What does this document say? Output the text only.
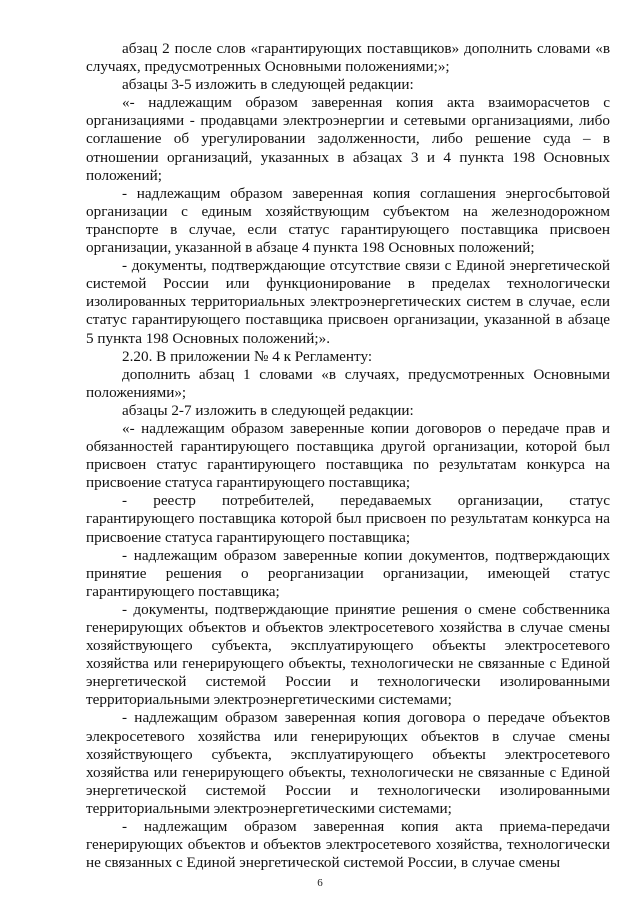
абзац 2 после слов «гарантирующих поставщиков» дополнить словами «в случаях, предусмотренных Основными положениями;»;

абзацы 3-5 изложить в следующей редакции:

«- надлежащим образом заверенная копия акта взаиморасчетов с организациями - продавцами электроэнергии и сетевыми организациями, либо соглашение об урегулировании задолженности, либо решение суда – в отношении организаций, указанных в абзацах 3 и 4 пункта 198 Основных положений;

- надлежащим образом заверенная копия соглашения энергосбытовой организации с единым хозяйствующим субъектом на железнодорожном транспорте в случае, если статус гарантирующего поставщика присвоен организации, указанной в абзаце 4 пункта 198 Основных положений;

- документы, подтверждающие отсутствие связи с Единой энергетической системой России или функционирование в пределах технологически изолированных территориальных электроэнергетических систем в случае, если статус гарантирующего поставщика присвоен организации, указанной в абзаце 5 пункта 198 Основных положений;».

2.20. В приложении № 4 к Регламенту:

дополнить абзац 1 словами «в случаях, предусмотренных Основными положениями»;

абзацы 2-7 изложить в следующей редакции:

«- надлежащим образом заверенные копии договоров о передаче прав и обязанностей гарантирующего поставщика другой организации, которой был присвоен статус гарантирующего поставщика по результатам конкурса на присвоение статуса гарантирующего поставщика;

- реестр потребителей, передаваемых организации, статус гарантирующего поставщика которой был присвоен по результатам конкурса на присвоение статуса гарантирующего поставщика;

- надлежащим образом заверенные копии документов, подтверждающих принятие решения о реорганизации организации, имеющей статус гарантирующего поставщика;

- документы, подтверждающие принятие решения о смене собственника генерирующих объектов и объектов электросетевого хозяйства в случае смены хозяйствующего субъекта, эксплуатирующего объекты электросетевого хозяйства или генерирующего объекты, технологически не связанные с Единой энергетической системой России и технологически изолированными территориальными электроэнергетическими системами;

- надлежащим образом заверенная копия договора о передаче объектов элекросетевого хозяйства или генерирующих объектов в случае смены хозяйствующего субъекта, эксплуатирующего объекты электросетевого хозяйства или генерирующего объекты, технологически не связанные с Единой энергетической системой России и технологически изолированными территориальными электроэнергетическими системами;

- надлежащим образом заверенная копия акта приема-передачи генерирующих объектов и объектов электросетевого хозяйства, технологически не связанных с Единой энергетической системой России, в случае смены

6
